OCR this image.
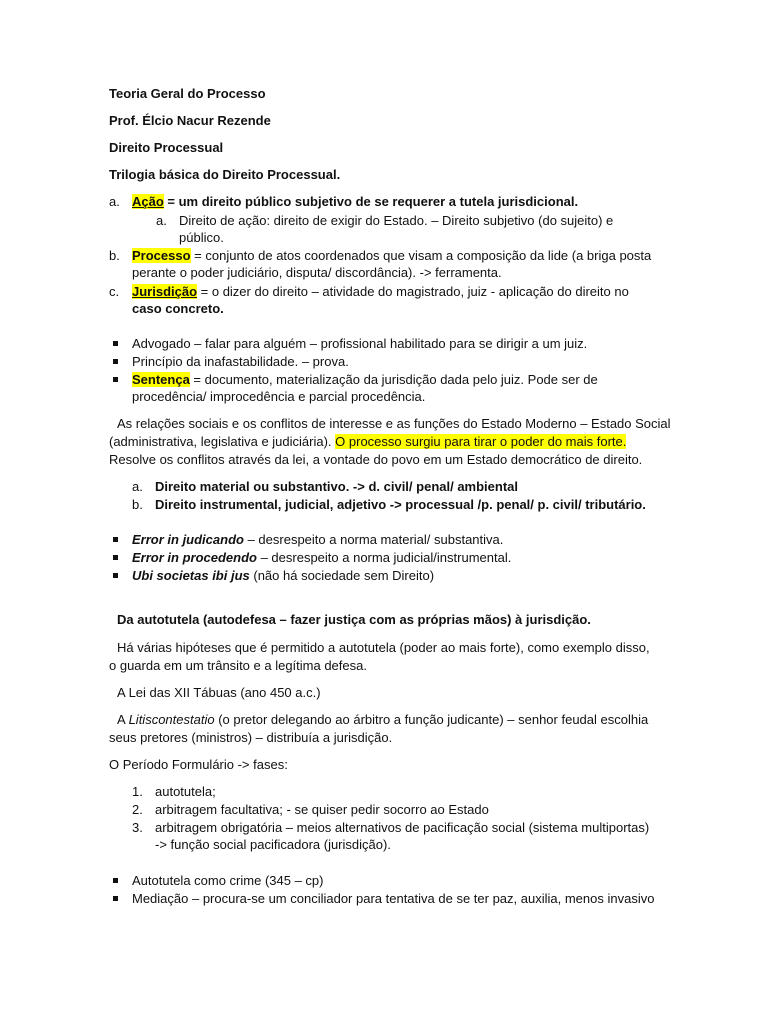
Teoria Geral do Processo
Prof. Élcio Nacur Rezende
Direito Processual
Trilogia básica do Direito Processual.
a. Ação = um direito público subjetivo de se requerer a tutela jurisdicional.
a. Direito de ação: direito de exigir do Estado. – Direito subjetivo (do sujeito) e
público.
b. Processo = conjunto de atos coordenados que visam a composição da lide (a briga posta
perante o poder judiciário, disputa/ discordância). -> ferramenta.
c. Jurisdição = o dizer do direito – atividade do magistrado, juiz - aplicação do direito no
caso concreto.
Advogado – falar para alguém – profissional habilitado para se dirigir a um juiz.
Princípio da inafastabilidade. – prova.
Sentença = documento, materialização da jurisdição dada pelo juiz. Pode ser de
procedência/ improcedência e parcial procedência.
As relações sociais e os conflitos de interesse e as funções do Estado Moderno – Estado Social
(administrativa, legislativa e judiciária). O processo surgiu para tirar o poder do mais forte.
Resolve os conflitos através da lei, a vontade do povo em um Estado democrático de direito.
a. Direito material ou substantivo. -> d. civil/ penal/ ambiental
b. Direito instrumental, judicial, adjetivo -> processual /p. penal/ p. civil/ tributário.
Error in judicando – desrespeito a norma material/ substantiva.
Error in procedendo – desrespeito a norma judicial/instrumental.
Ubi societas ibi jus (não há sociedade sem Direito)
Da autotutela (autodefesa – fazer justiça com as próprias mãos) à jurisdição.
Há várias hipóteses que é permitido a autotutela (poder ao mais forte), como exemplo disso,
o guarda em um trânsito e a legítima defesa.
A Lei das XII Tábuas (ano 450 a.c.)
A Litiscontestatio (o pretor delegando ao árbitro a função judicante) – senhor feudal escolhia
seus pretores (ministros) – distribuía a jurisdição.
O Período Formulário -> fases:
1. autotutela;
2. arbitragem facultativa; - se quiser pedir socorro ao Estado
3. arbitragem obrigatória – meios alternativos de pacificação social (sistema multiportas)
-> função social pacificadora (jurisdição).
Autotutela como crime (345 – cp)
Mediação – procura-se um conciliador para tentativa de se ter paz, auxilia, menos invasivo
